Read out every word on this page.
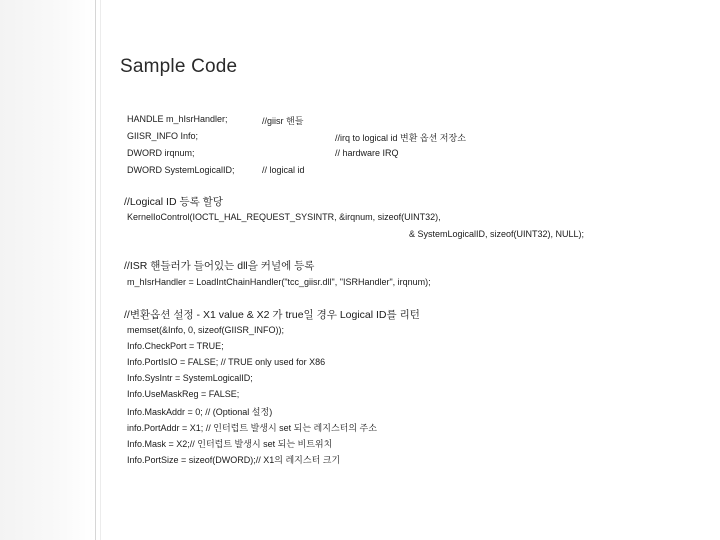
Sample Code
HANDLE m_hIsrHandler;	//giisr 핸들
GIISR_INFO Info;	//irq to logical id 변환 옵션 저장소
DWORD irqnum;	// hardware IRQ
DWORD SystemLogicalID;	// logical id
//Logical ID 등록 할당
KernelIoControl(IOCTL_HAL_REQUEST_SYSINTR, &irqnum, sizeof(UINT32),
& SystemLogicalID, sizeof(UINT32), NULL);
//ISR 핸들러가 들어있는 dll을 커널에 등록
m_hIsrHandler = LoadIntChainHandler("tcc_giisr.dll", "ISRHandler", irqnum);
//변환옵션 설정 - X1 value & X2 가 true일 경우 Logical ID를 리턴
memset(&Info, 0, sizeof(GIISR_INFO));
Info.CheckPort = TRUE;
Info.PortIsIO = FALSE; // TRUE only used for X86
Info.SysIntr = SystemLogicalID;
Info.UseMaskReg = FALSE;
Info.MaskAddr = 0; // (Optional 설정)
info.PortAddr = X1; // 인터럽트 발생시 set 되는 레지스터의 주소
Info.Mask = X2;// 인터럽트 발생시 set 되는 비트위치
Info.PortSize = sizeof(DWORD);// X1의 레지스터 크기
